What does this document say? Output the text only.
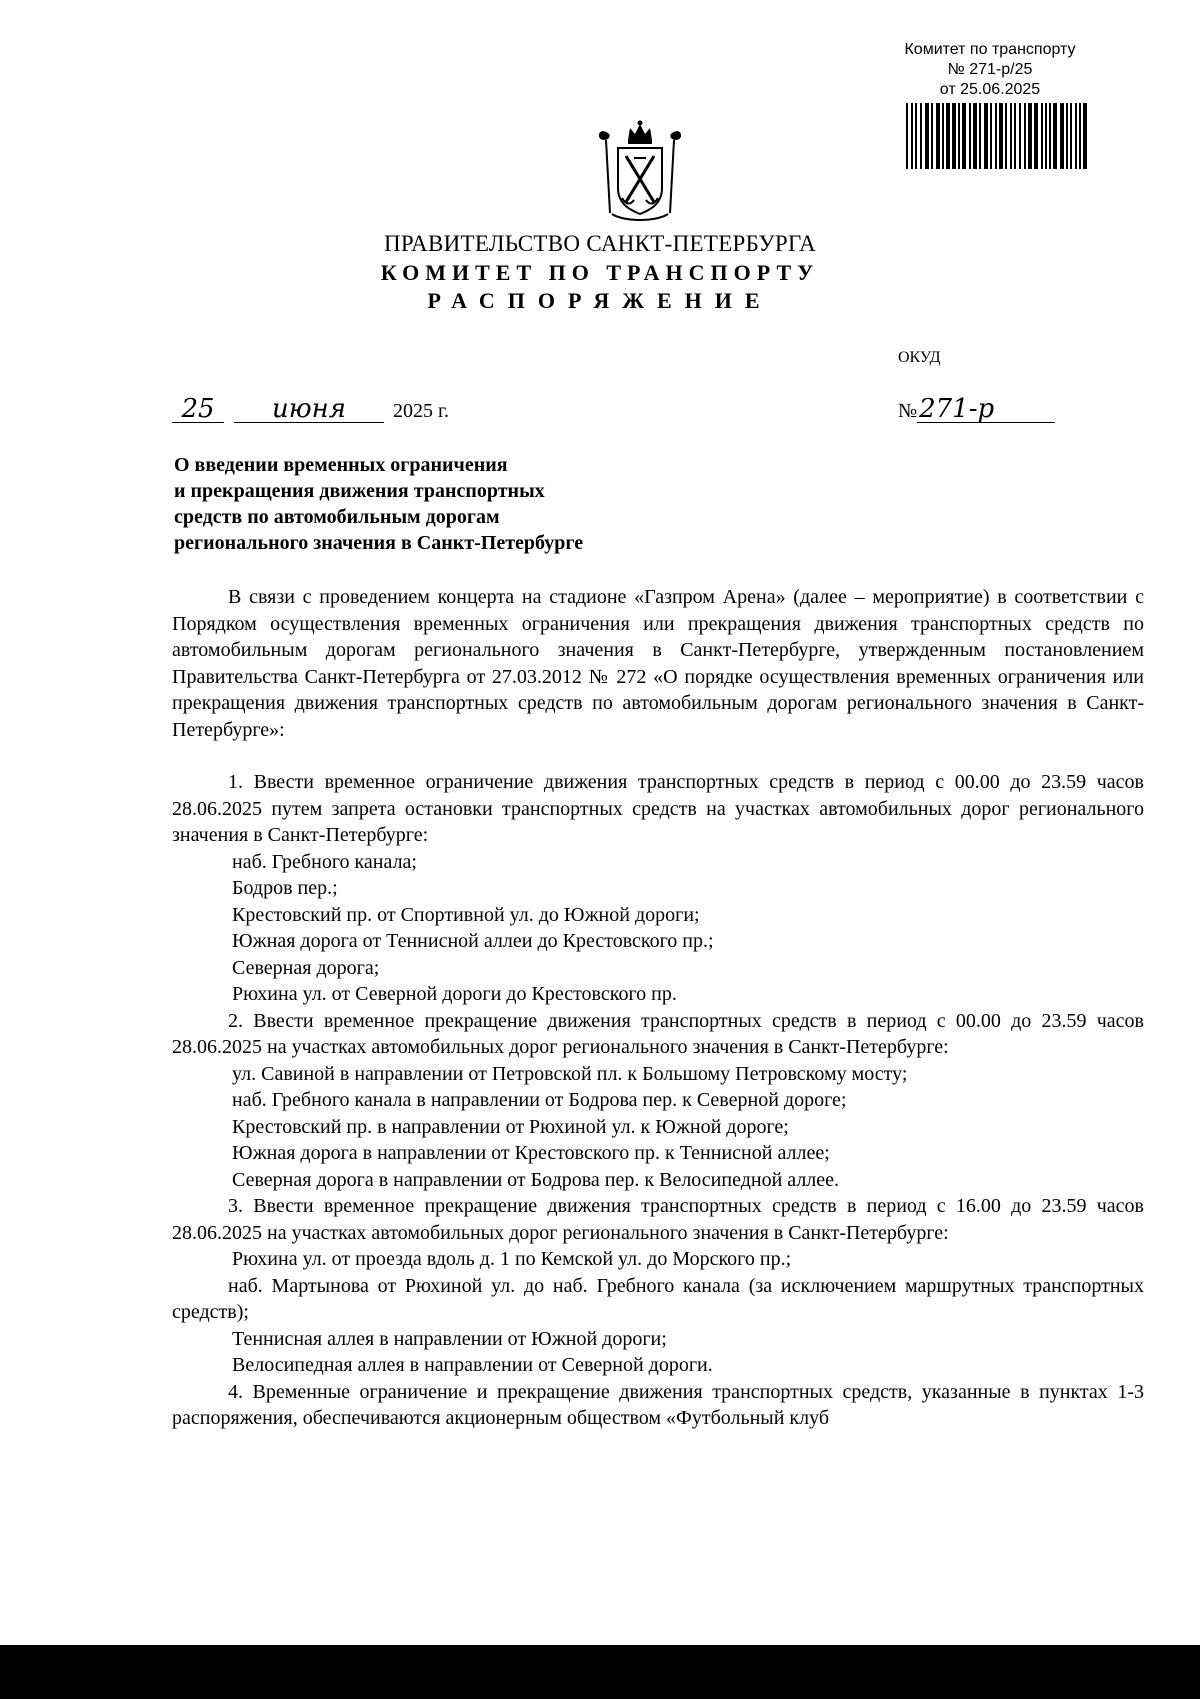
Комитет по транспорту
№ 271-р/25
от 25.06.2025
ПРАВИТЕЛЬСТВО САНКТ-ПЕТЕРБУРГА
КОМИТЕТ ПО ТРАНСПОРТУ
РАСПОРЯЖЕНИЕ
ОКУД
25 июня 2025 г.	№271-р
О введении временных ограничения
и прекращения движения транспортных
средств по автомобильным дорогам
регионального значения в Санкт-Петербурге

В связи с проведением концерта на стадионе «Газпром Арена» (далее – мероприятие) в соответствии с Порядком осуществления временных ограничения или прекращения движения транспортных средств по автомобильным дорогам регионального значения в Санкт-Петербурге, утвержденным постановлением Правительства Санкт-Петербурга от 27.03.2012 № 272 «О порядке осуществления временных ограничения или прекращения движения транспортных средств по автомобильным дорогам регионального значения в Санкт-Петербурге»:

1. Ввести временное ограничение движения транспортных средств в период с 00.00 до 23.59 часов 28.06.2025 путем запрета остановки транспортных средств на участках автомобильных дорог регионального значения в Санкт-Петербурге:

наб. Гребного канала;

Бодров пер.;

Крестовский пр. от Спортивной ул. до Южной дороги;

Южная дорога от Теннисной аллеи до Крестовского пр.;

Северная дорога;

Рюхина ул. от Северной дороги до Крестовского пр.

2. Ввести временное прекращение движения транспортных средств в период с 00.00 до 23.59 часов 28.06.2025 на участках автомобильных дорог регионального значения в Санкт-Петербурге:

ул. Савиной в направлении от Петровской пл. к Большому Петровскому мосту;

наб. Гребного канала в направлении от Бодрова пер. к Северной дороге;

Крестовский пр. в направлении от Рюхиной ул. к Южной дороге;

Южная дорога в направлении от Крестовского пр. к Теннисной аллее;

Северная дорога в направлении от Бодрова пер. к Велосипедной аллее.

3. Ввести временное прекращение движения транспортных средств в период с 16.00 до 23.59 часов 28.06.2025 на участках автомобильных дорог регионального значения в Санкт-Петербурге:

Рюхина ул. от проезда вдоль д. 1 по Кемской ул. до Морского пр.;

наб. Мартынова от Рюхиной ул. до наб. Гребного канала (за исключением маршрутных транспортных средств);

Теннисная аллея в направлении от Южной дороги;

Велосипедная аллея в направлении от Северной дороги.

4. Временные ограничение и прекращение движения транспортных средств, указанные в пунктах 1-3 распоряжения, обеспечиваются акционерным обществом «Футбольный клуб
